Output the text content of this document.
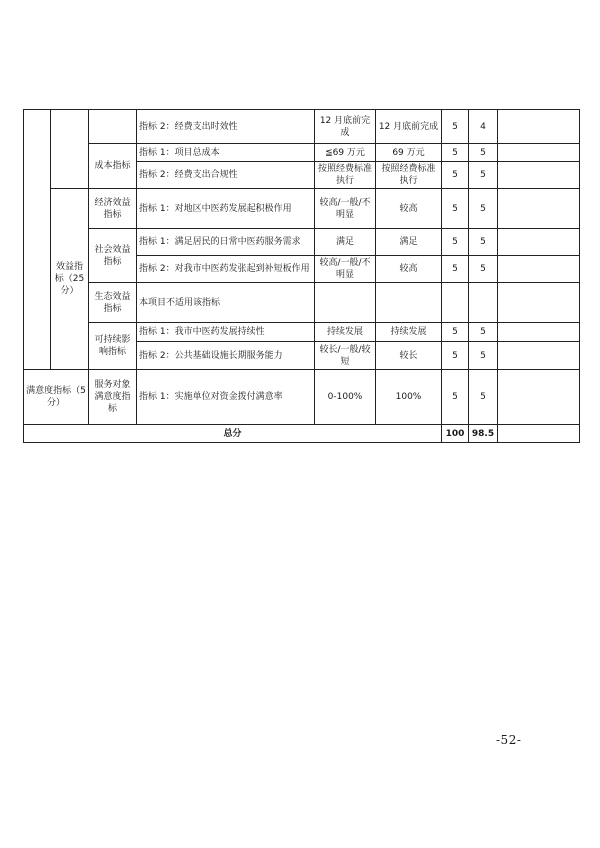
			指标 2：经费支出时效性	12 月底前完成	12 月底前完成	5	4	
		成本指标	指标 1：项目总成本	≦69 万元	69 万元	5	5	
			指标 2：经费支出合规性	按照经费标准执行	按照经费标准执行	5	5	
	效益指标（25 分）	经济效益指标	指标 1：对地区中医药发展起积极作用	较高/一般/不明显	较高	5	5	
		社会效益指标	指标 1：满足居民的日常中医药服务需求	满足	满足	5	5	
			指标 2：对我市中医药发张起到补短板作用	较高/一般/不明显	较高	5	5	
		生态效益指标	本项目不适用该指标					
		可持续影响指标	指标 1：我市中医药发展持续性	持续发展	持续发展	5	5	
			指标 2：公共基础设施长期服务能力	较长/一般/较短	较长	5	5	
满意度指标（5 分）		服务对象满意度指标	指标 1：实施单位对资金拨付满意率	0-100%	100%	5	5	
总分						100	98.5	
-52-
